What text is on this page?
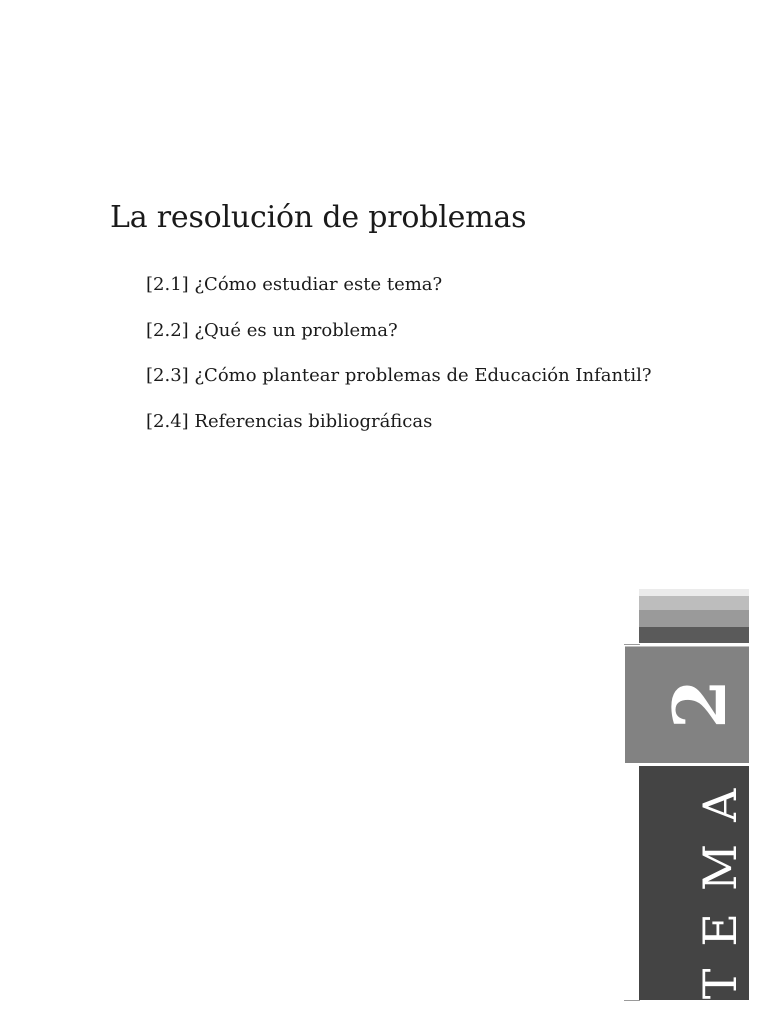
La resolución de problemas
[2.1] ¿Cómo estudiar este tema?
[2.2] ¿Qué es un problema?
[2.3] ¿Cómo plantear problemas de Educación Infantil?
[2.4] Referencias bibliográficas
2
TEMA
